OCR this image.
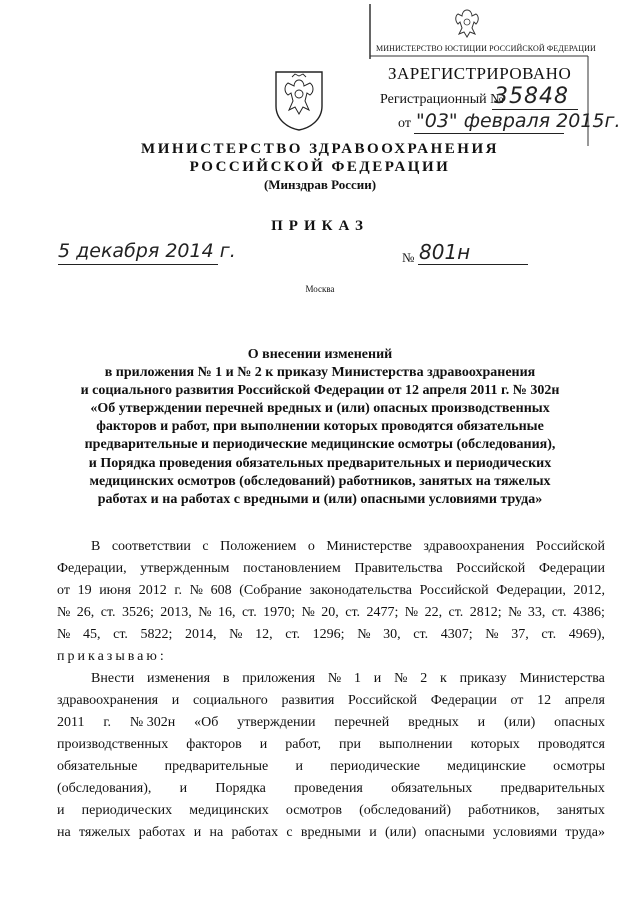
МИНИСТЕРСТВО ЮСТИЦИИ РОССИЙСКОЙ ФЕДЕРАЦИИ
ЗАРЕГИСТРИРОВАНО
Регистрационный №
35848
от "03" февраля 2015г.
МИНИСТЕРСТВО ЗДРАВООХРАНЕНИЯ
РОССИЙСКОЙ ФЕДЕРАЦИИ
(Минздрав России)
ПРИКАЗ
5 декабря 2014 г.	№ 801н
Москва
О внесении изменений
в приложения № 1 и № 2 к приказу Министерства здравоохранения
и социального развития Российской Федерации от 12 апреля 2011 г. № 302н
«Об утверждении перечней вредных и (или) опасных производственных
факторов и работ, при выполнении которых проводятся обязательные
предварительные и периодические медицинские осмотры (обследования),
и Порядка проведения обязательных предварительных и периодических
медицинских осмотров (обследований) работников, занятых на тяжелых
работах и на работах с вредными и (или) опасными условиями труда»
В соответствии с Положением о Министерстве здравоохранения Российской
Федерации, утвержденным постановлением Правительства Российской Федерации
от 19 июня 2012 г. № 608 (Собрание законодательства Российской Федерации, 2012,
№ 26, ст. 3526; 2013, № 16, ст. 1970; № 20, ст. 2477; № 22, ст. 2812; № 33, ст. 4386;
№ 45, ст. 5822; 2014, № 12, ст. 1296; № 30, ст. 4307; № 37, ст. 4969),
приказываю:
Внести изменения в приложения № 1 и № 2 к приказу Министерства
здравоохранения и социального развития Российской Федерации от 12 апреля
2011 г. № 302н «Об утверждении перечней вредных и (или) опасных
производственных факторов и работ, при выполнении которых проводятся
обязательные предварительные и периодические медицинские осмотры
(обследования), и Порядка проведения обязательных предварительных
и периодических медицинских осмотров (обследований) работников, занятых
на тяжелых работах и на работах с вредными и (или) опасными условиями труда»
